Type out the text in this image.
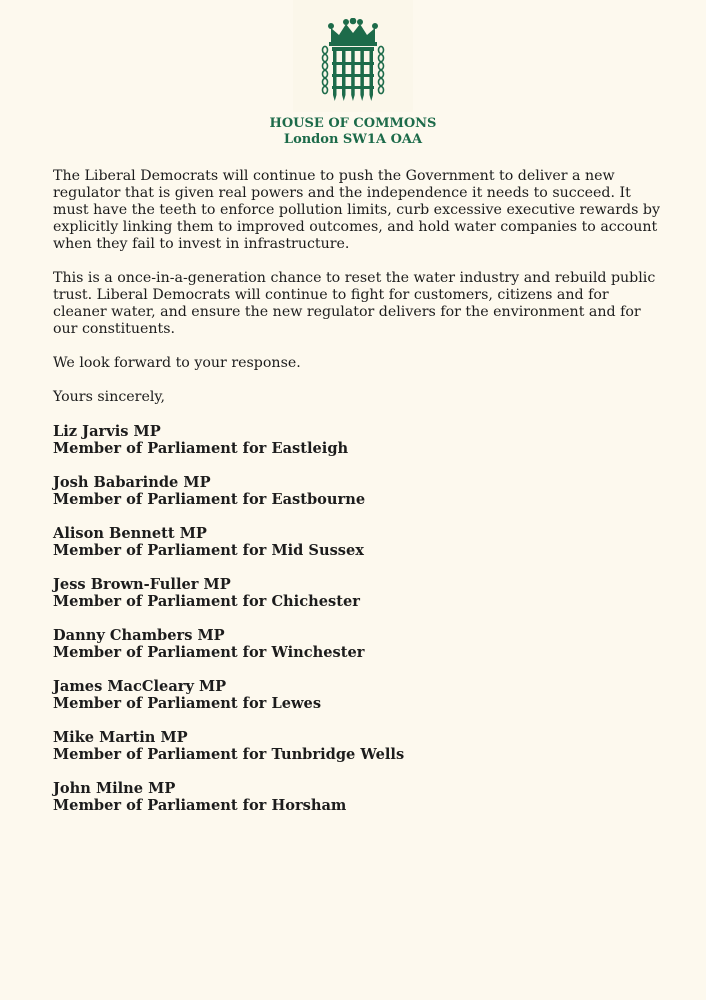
HOUSE OF COMMONS
London SW1A OAA

The Liberal Democrats will continue to push the Government to deliver a new regulator that is given real powers and the independence it needs to succeed. It must have the teeth to enforce pollution limits, curb excessive executive rewards by explicitly linking them to improved outcomes, and hold water companies to account when they fail to invest in infrastructure.

This is a once-in-a-generation chance to reset the water industry and rebuild public trust. Liberal Democrats will continue to fight for customers, citizens and for cleaner water, and ensure the new regulator delivers for the environment and for our constituents.

We look forward to your response.

Yours sincerely,

Liz Jarvis MP
Member of Parliament for Eastleigh
Josh Babarinde MP
Member of Parliament for Eastbourne
Alison Bennett MP
Member of Parliament for Mid Sussex
Jess Brown-Fuller MP
Member of Parliament for Chichester
Danny Chambers MP
Member of Parliament for Winchester
James MacCleary MP
Member of Parliament for Lewes
Mike Martin MP
Member of Parliament for Tunbridge Wells
John Milne MP
Member of Parliament for Horsham
